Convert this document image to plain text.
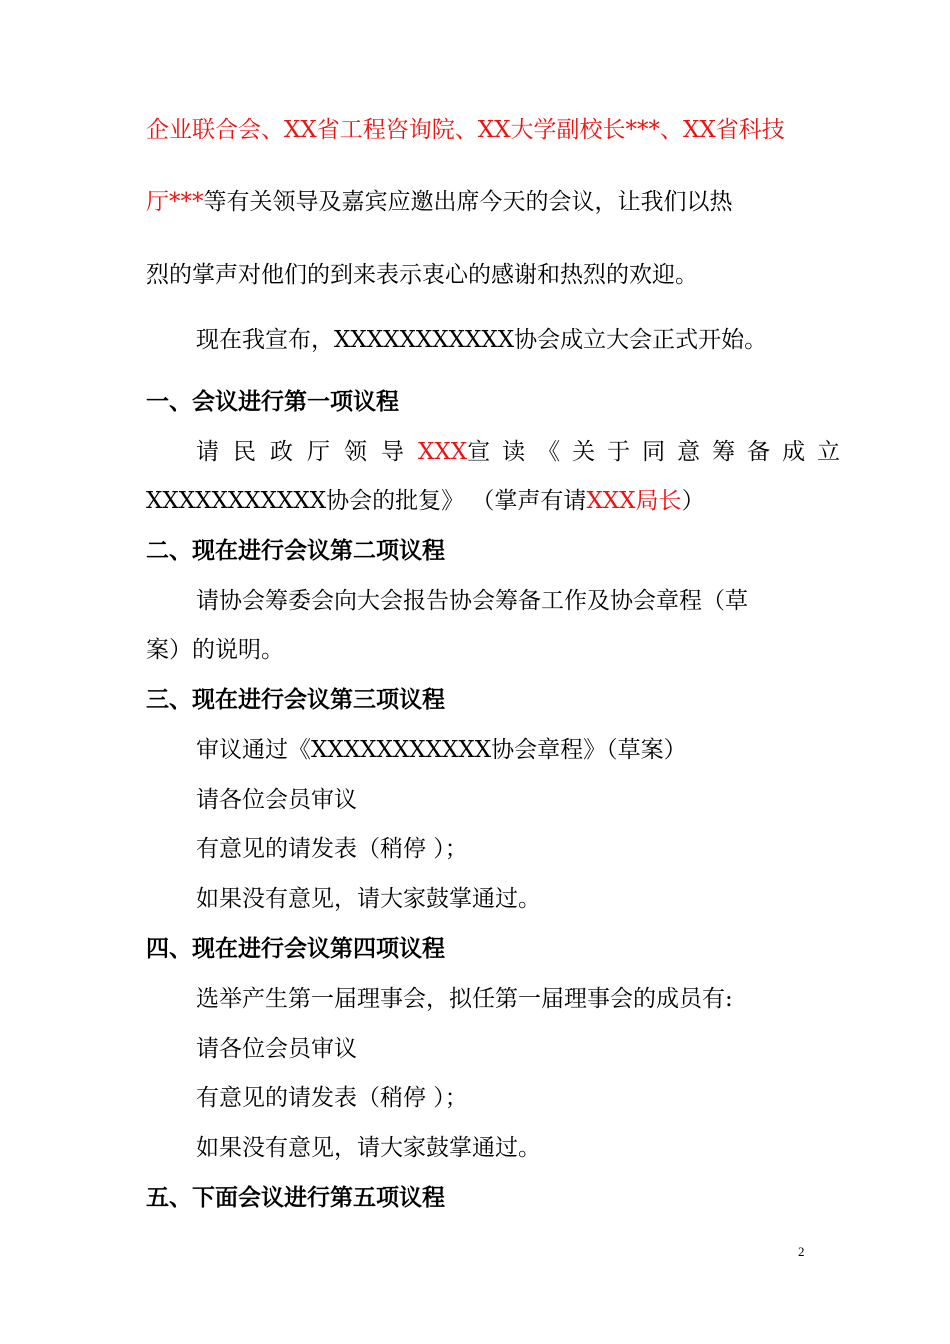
企业联合会、XX省工程咨询院、XX大学副校长***、XX省科技
厅***等有关领导及嘉宾应邀出席今天的会议，让我们以热
烈的掌声对他们的到来表示衷心的感谢和热烈的欢迎。
现在我宣布，XXXXXXXXXXX协会成立大会正式开始。
一、会议进行第一项议程
请民政厅领导 XXX 宣读《关于同意筹备成立
XXXXXXXXXXX协会的批复》 （掌声有请XXX局长）
二、现在进行会议第二项议程
请协会筹委会向大会报告协会筹备工作及协会章程（草
案）的说明。
三、现在进行会议第三项议程
审议通过《XXXXXXXXXXX协会章程》（草案）
请各位会员审议
有意见的请发表（稍停 ）；
如果没有意见，请大家鼓掌通过。
四、现在进行会议第四项议程
选举产生第一届理事会，拟任第一届理事会的成员有:
请各位会员审议
有意见的请发表（稍停 ）；
如果没有意见，请大家鼓掌通过。
五、下面会议进行第五项议程
2
